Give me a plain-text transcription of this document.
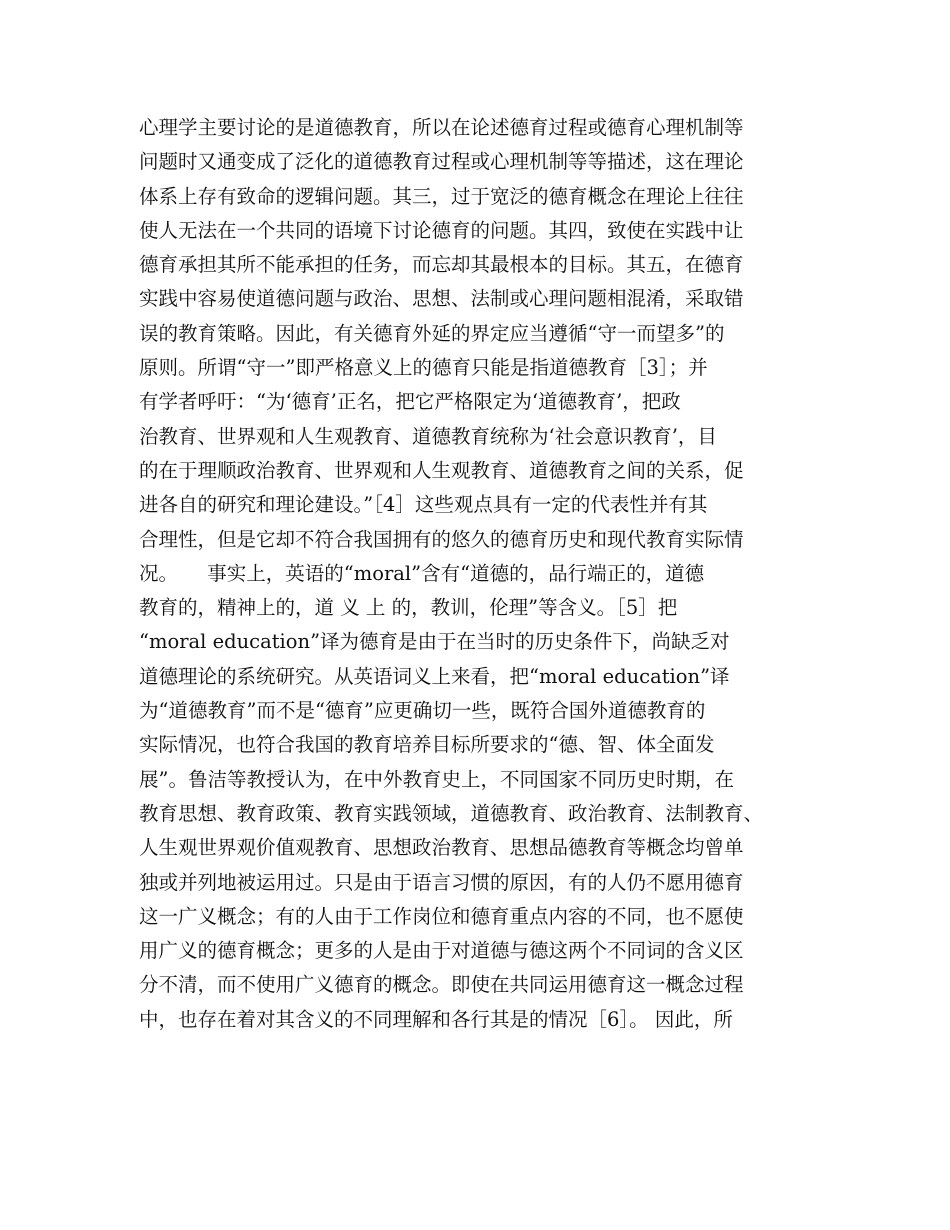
心理学主要讨论的是道德教育，所以在论述德育过程或德育心理机制等
问题时又通变成了泛化的道德教育过程或心理机制等等描述，这在理论
体系上存有致命的逻辑问题。其三，过于宽泛的德育概念在理论上往往
使人无法在一个共同的语境下讨论德育的问题。其四，致使在实践中让
德育承担其所不能承担的任务，而忘却其最根本的目标。其五，在德育
实践中容易使道德问题与政治、思想、法制或心理问题相混淆，采取错
误的教育策略。因此，有关德育外延的界定应当遵循“守一而望多”的
原则。所谓“守一”即严格意义上的德育只能是指道德教育［3］；并
有学者呼吁：“为‘德育’正名，把它严格限定为‘道德教育’，把政
治教育、世界观和人生观教育、道德教育统称为‘社会意识教育’，目
的在于理顺政治教育、世界观和人生观教育、道德教育之间的关系，促
进各自的研究和理论建设。”［4］这些观点具有一定的代表性并有其
合理性，但是它却不符合我国拥有的悠久的德育历史和现代教育实际情
况。　　事实上，英语的“moral”含有“道德的，品行端正的，道德
教育的，精神上的，道 义 上 的，教训，伦理”等含义。［5］把
“moral education”译为德育是由于在当时的历史条件下，尚缺乏对
道德理论的系统研究。从英语词义上来看，把“moral education”译
为“道德教育”而不是“德育”应更确切一些，既符合国外道德教育的
实际情况，也符合我国的教育培养目标所要求的“德、智、体全面发
展”。鲁洁等教授认为，在中外教育史上，不同国家不同历史时期，在
教育思想、教育政策、教育实践领域，道德教育、政治教育、法制教育、
人生观世界观价值观教育、思想政治教育、思想品德教育等概念均曾单
独或并列地被运用过。只是由于语言习惯的原因，有的人仍不愿用德育
这一广义概念；有的人由于工作岗位和德育重点内容的不同，也不愿使
用广义的德育概念；更多的人是由于对道德与德这两个不同词的含义区
分不清，而不使用广义德育的概念。即使在共同运用德育这一概念过程
中，也存在着对其含义的不同理解和各行其是的情况［6］。 因此，所
